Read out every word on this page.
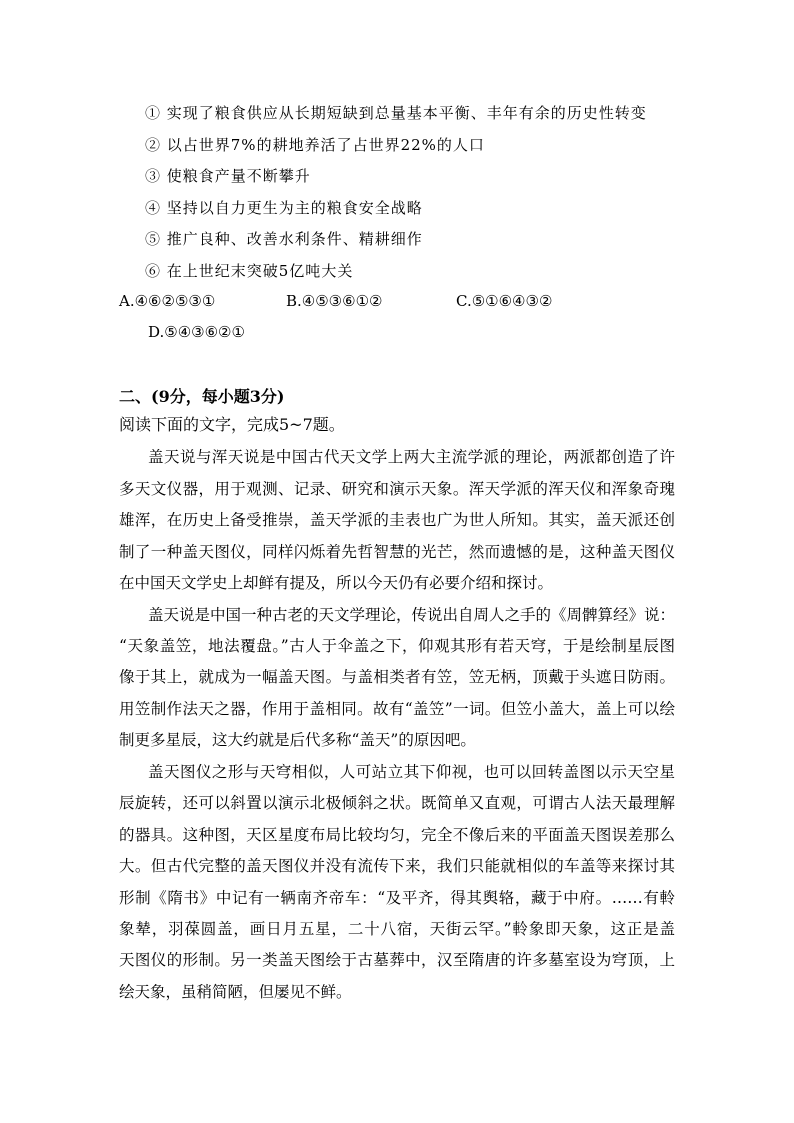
① 实现了粮食供应从长期短缺到总量基本平衡、丰年有余的历史性转变
② 以占世界7%的耕地养活了占世界22%的人口
③ 使粮食产量不断攀升
④ 坚持以自力更生为主的粮食安全战略
⑤ 推广良种、改善水利条件、精耕细作
⑥ 在上世纪末突破5亿吨大关
A.④⑥②⑤③①	B.④⑤③⑥①②	C.⑤①⑥④③②
D.⑤④③⑥②①
二、(9分，每小题3分)
阅读下面的文字，完成5~7题。
盖天说与浑天说是中国古代天文学上两大主流学派的理论，两派都创造了许
多天文仪器，用于观测、记录、研究和演示天象。浑天学派的浑天仪和浑象奇瑰
雄浑，在历史上备受推崇，盖天学派的圭表也广为世人所知。其实，盖天派还创
制了一种盖天图仪，同样闪烁着先哲智慧的光芒，然而遗憾的是，这种盖天图仪
在中国天文学史上却鲜有提及，所以今天仍有必要介绍和探讨。
盖天说是中国一种古老的天文学理论，传说出自周人之手的《周髀算经》说：
“天象盖笠，地法覆盘。”古人于伞盖之下，仰观其形有若天穹，于是绘制星辰图
像于其上，就成为一幅盖天图。与盖相类者有笠，笠无柄，顶戴于头遮日防雨。
用笠制作法天之器，作用于盖相同。故有“盖笠”一词。但笠小盖大，盖上可以绘
制更多星辰，这大约就是后代多称“盖天”的原因吧。
盖天图仪之形与天穹相似，人可站立其下仰视，也可以回转盖图以示天空星
辰旋转，还可以斜置以演示北极倾斜之状。既简单又直观，可谓古人法天最理解
的器具。这种图，天区星度布局比较均匀，完全不像后来的平面盖天图误差那么
大。但古代完整的盖天图仪并没有流传下来，我们只能就相似的车盖等来探讨其
形制《隋书》中记有一辆南齐帝车：“及平齐，得其舆辂，藏于中府。……有軨
象辇，羽葆圆盖，画日月五星，二十八宿，天街云罕。”軨象即天象，这正是盖
天图仪的形制。另一类盖天图绘于古墓葬中，汉至隋唐的许多墓室设为穹顶，上
绘天象，虽稍简陋，但屡见不鲜。
